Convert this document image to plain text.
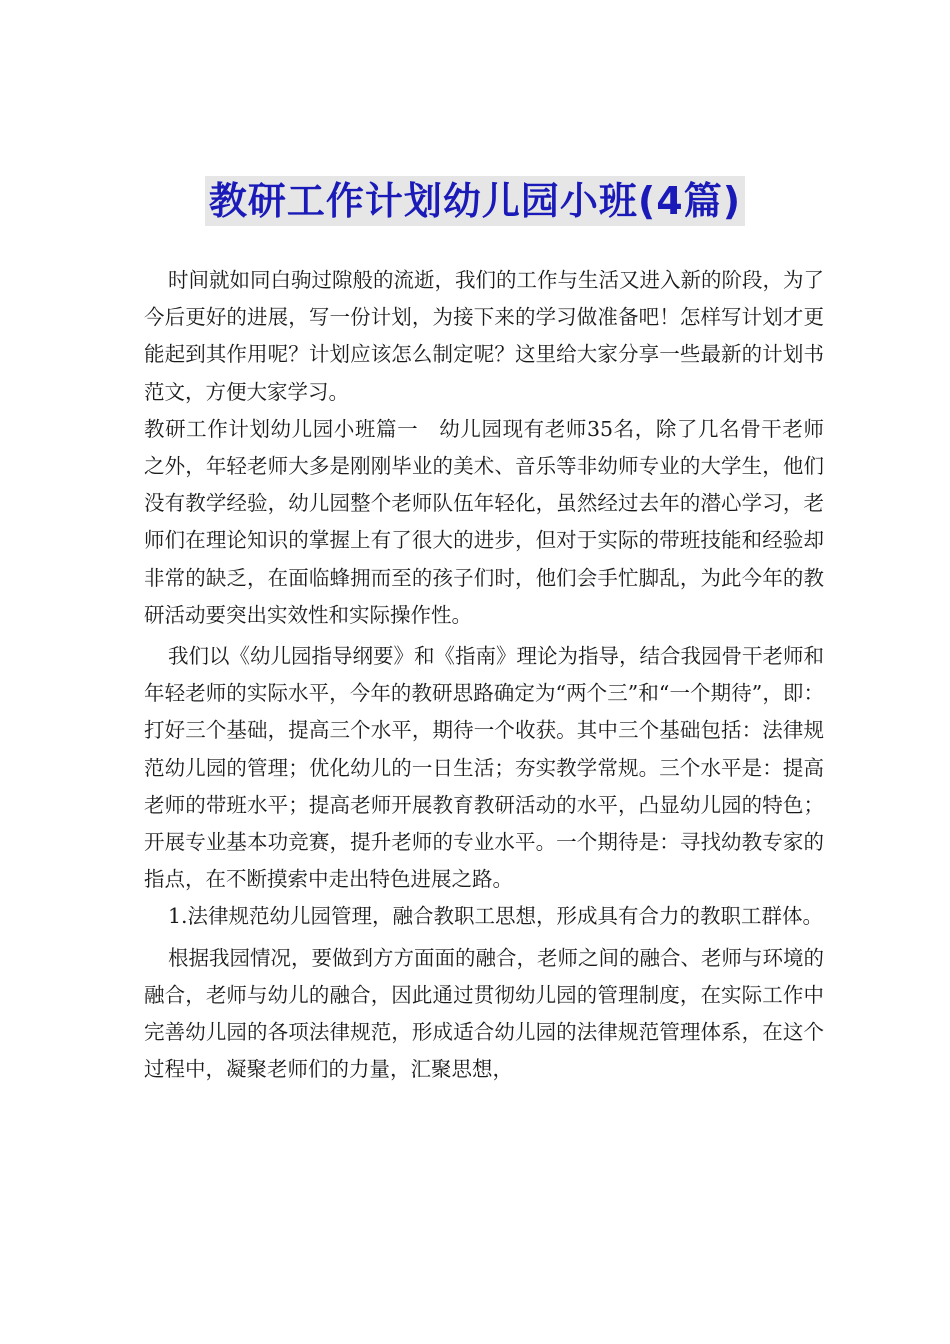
教研工作计划幼儿园小班(4篇)

时间就如同白驹过隙般的流逝，我们的工作与生活又进入新的阶段，为了今后更好的进展，写一份计划，为接下来的学习做准备吧！怎样写计划才更能起到其作用呢？计划应该怎么制定呢？这里给大家分享一些最新的计划书范文，方便大家学习。

教研工作计划幼儿园小班篇一　幼儿园现有老师35名，除了几名骨干老师之外，年轻老师大多是刚刚毕业的美术、音乐等非幼师专业的大学生，他们没有教学经验，幼儿园整个老师队伍年轻化，虽然经过去年的潜心学习，老师们在理论知识的掌握上有了很大的进步，但对于实际的带班技能和经验却非常的缺乏，在面临蜂拥而至的孩子们时，他们会手忙脚乱，为此今年的教研活动要突出实效性和实际操作性。

我们以《幼儿园指导纲要》和《指南》理论为指导，结合我园骨干老师和年轻老师的实际水平，今年的教研思路确定为“两个三”和“一个期待”，即：打好三个基础，提高三个水平，期待一个收获。其中三个基础包括：法律规范幼儿园的管理；优化幼儿的一日生活；夯实教学常规。三个水平是：提高老师的带班水平；提高老师开展教育教研活动的水平，凸显幼儿园的特色；开展专业基本功竞赛，提升老师的专业水平。一个期待是：寻找幼教专家的指点，在不断摸索中走出特色进展之路。

1.法律规范幼儿园管理，融合教职工思想，形成具有合力的教职工群体。

根据我园情况，要做到方方面面的融合，老师之间的融合、老师与环境的融合，老师与幼儿的融合，因此通过贯彻幼儿园的管理制度，在实际工作中完善幼儿园的各项法律规范，形成适合幼儿园的法律规范管理体系，在这个过程中，凝聚老师们的力量，汇聚思想，
